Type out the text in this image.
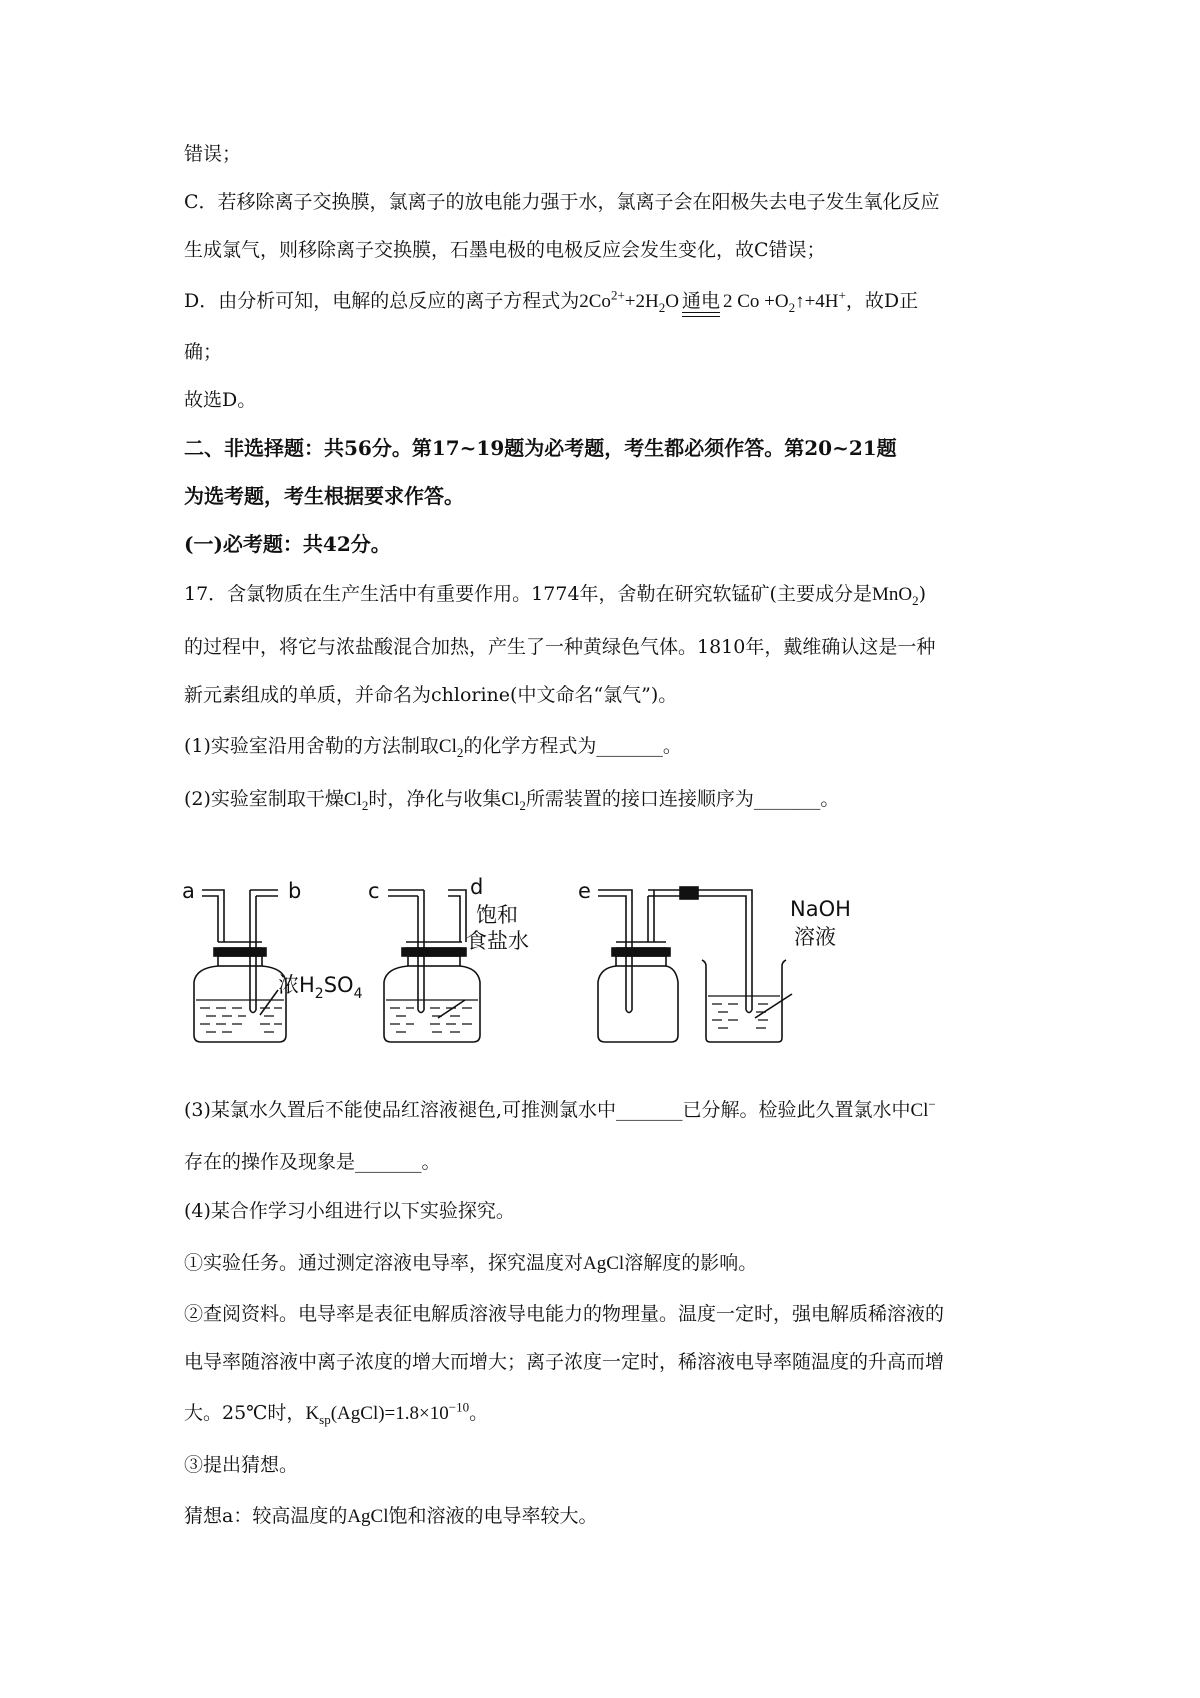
错误；
C．若移除离子交换膜，氯离子的放电能力强于水，氯离子会在阳极失去电子发生氧化反应
生成氯气，则移除离子交换膜，石墨电极的电极反应会发生变化，故C错误；
D．由分析可知，电解的总反应的离子方程式为$2Co^{2+}+2H_2O$ 通电 2 $Co +O_2↑+4H^+$，故D正
确；
故选D。
二、非选择题：共56分。第17~19题为必考题，考生都必须作答。第20~21题
为选考题，考生根据要求作答。
(一)必考题：共42分。
17．含氯物质在生产生活中有重要作用。1774年，舍勒在研究软锰矿(主要成分是MnO$_2$)
的过程中，将它与浓盐酸混合加热，产生了一种黄绿色气体。1810年，戴维确认这是一种
新元素组成的单质，并命名为chlorine(中文命名“氯气”)。
(1)实验室沿用舍勒的方法制取$Cl_2$的化学方程式为_______。
(2)实验室制取干燥$Cl_2$时，净化与收集$Cl_2$所需装置的接口连接顺序为_______。
a	b
浓$H_2SO_4$
c	d
饱和
食盐水
e
NaOH
溶液
(3)某氯水久置后不能使品红溶液褪色,可推测氯水中_______已分解。检验此久置氯水中Cl−
存在的操作及现象是_______。
(4)某合作学习小组进行以下实验探究。
①实验任务。通过测定溶液电导率，探究温度对AgCl溶解度的影响。
②查阅资料。电导率是表征电解质溶液导电能力的物理量。温度一定时，强电解质稀溶液的
电导率随溶液中离子浓度的增大而增大；离子浓度一定时，稀溶液电导率随温度的升高而增
大。25℃时，$K_{sp}(AgCl)=1.8\times 10^{-10}$。
③提出猜想。
猜想a：较高温度的AgCl饱和溶液的电导率较大。
